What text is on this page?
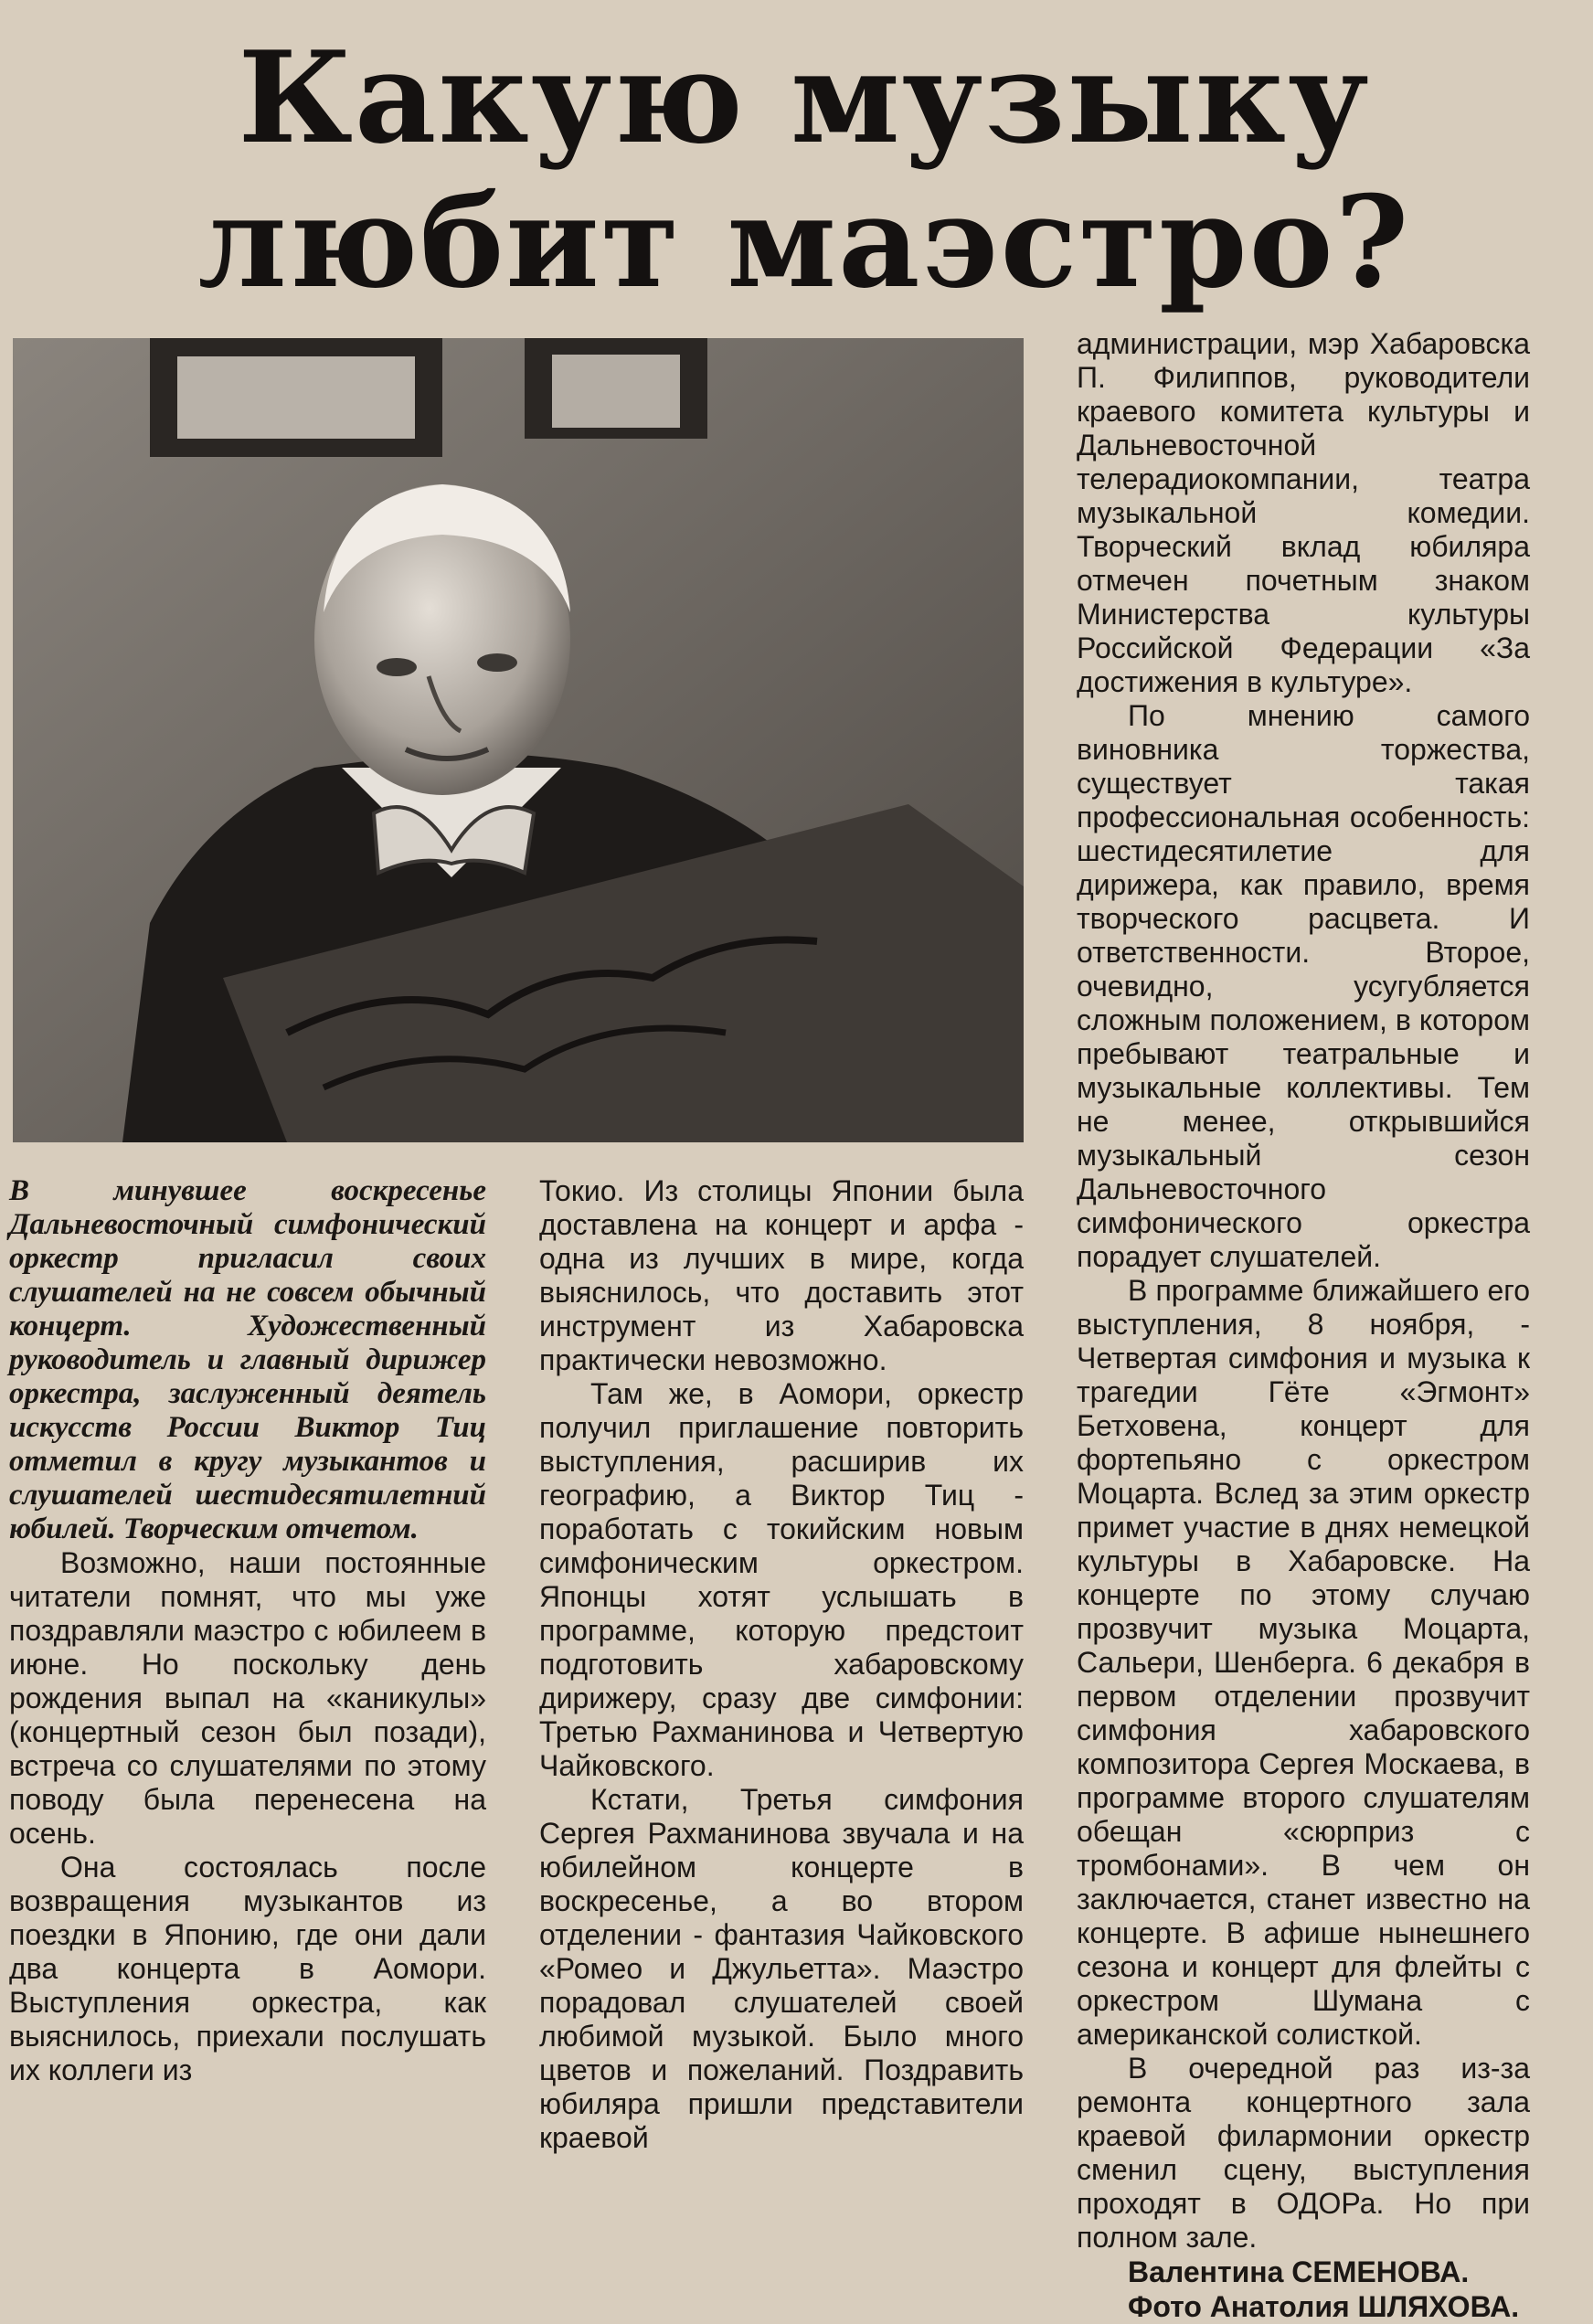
Какую музыку
любит маэстро?

В минувшее воскресенье Дальневосточный симфонический оркестр пригласил своих слушателей на не совсем обычный концерт. Художественный руководитель и главный дирижер оркестра, заслуженный деятель искусств России Виктор Тиц отметил в кругу музыкантов и слушателей шестидесятилетний юбилей. Творческим отчетом.

Возможно, наши постоянные читатели помнят, что мы уже поздравляли маэстро с юбилеем в июне. Но поскольку день рождения выпал на «каникулы» (концертный сезон был позади), встреча со слушателями по этому поводу была перенесена на осень.

Она состоялась после возвращения музыкантов из поездки в Японию, где они дали два концерта в Аомори. Выступления оркестра, как выяснилось, приехали послушать их коллеги из

Токио. Из столицы Японии была доставлена на концерт и арфа - одна из лучших в мире, когда выяснилось, что доставить этот инструмент из Хабаровска практически невозможно.

Там же, в Аомори, оркестр получил приглашение повторить выступления, расширив их географию, а Виктор Тиц - поработать с токийским новым симфоническим оркестром. Японцы хотят услышать в программе, которую предстоит подготовить хабаровскому дирижеру, сразу две симфонии: Третью Рахманинова и Четвертую Чайковского.

Кстати, Третья симфония Сергея Рахманинова звучала и на юбилейном концерте в воскресенье, а во втором отделении - фантазия Чайковского «Ромео и Джульетта». Маэстро порадовал слушателей своей любимой музыкой. Было много цветов и пожеланий. Поздравить юбиляра пришли представители краевой

администрации, мэр Хабаровска П. Филиппов, руководители краевого комитета культуры и Дальневосточной телерадиокомпании, театра музыкальной комедии. Творческий вклад юбиляра отмечен почетным знаком Министерства культуры Российской Федерации «За достижения в культуре».

По мнению самого виновника торжества, существует такая профессиональная особенность: шестидесятилетие для дирижера, как правило, время творческого расцвета. И ответственности. Второе, очевидно, усугубляется сложным положением, в котором пребывают театральные и музыкальные коллективы. Тем не менее, открывшийся музыкальный сезон Дальневосточного симфонического оркестра порадует слушателей.

В программе ближайшего его выступления, 8 ноября, - Четвертая симфония и музыка к трагедии Гёте «Эгмонт» Бетховена, концерт для фортепьяно с оркестром Моцарта. Вслед за этим оркестр примет участие в днях немецкой культуры в Хабаровске. На концерте по этому случаю прозвучит музыка Моцарта, Сальери, Шенберга. 6 декабря в первом отделении прозвучит симфония хабаровского композитора Сергея Москаева, в программе второго слушателям обещан «сюрприз с тромбонами». В чем он заключается, станет известно на концерте. В афише нынешнего сезона и концерт для флейты с оркестром Шумана с американской солисткой.

В очередной раз из-за ремонта концертного зала краевой филармонии оркестр сменил сцену, выступления проходят в ОДОРа. Но при полном зале.

Валентина СЕМЕНОВА.

Фото Анатолия ШЛЯХОВА.
